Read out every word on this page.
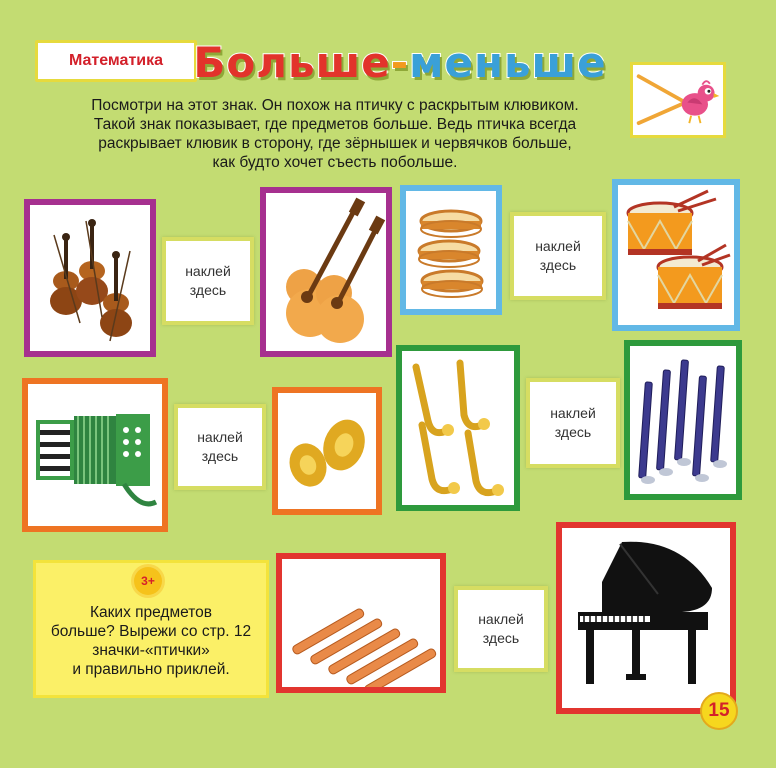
Математика Больше - меньше

Посмотри на этот знак. Он похож на птичку с раскрытым клювиком.
Такой знак показывает, где предметов больше. Ведь птичка всегда
раскрывает клювик в сторону, где зёрнышек и червячков больше,
как будто хочет съесть побольше.

наклей
здесь
наклей
здесь
наклей
здесь
наклей
здесь
3+
Каких предметов
больше? Вырежи со стр. 12
значки-«птички»
и правильно приклей.
наклей
здесь
15
